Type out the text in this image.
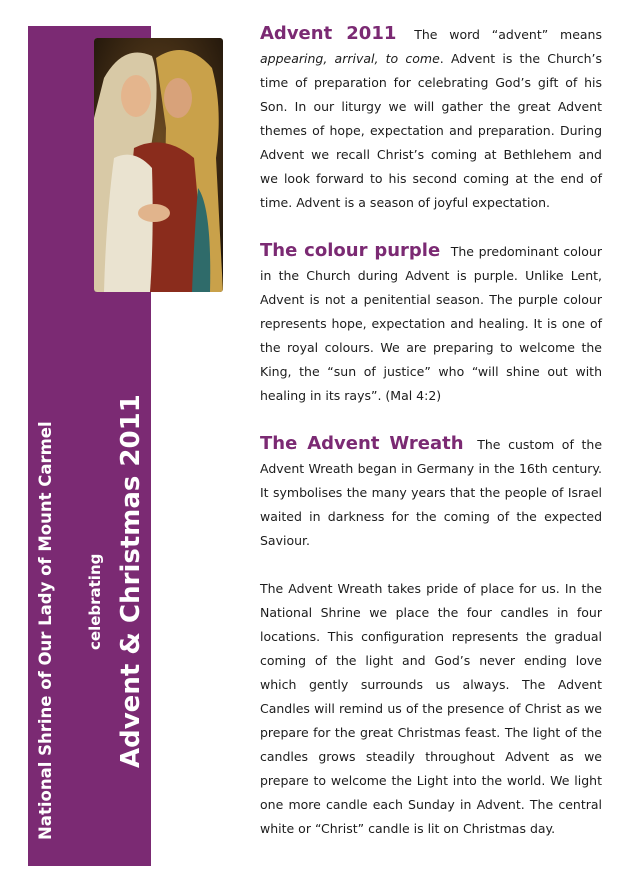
National Shrine of Our Lady of Mount Carmel celebrating Advent & Christmas 2011

Advent 2011 The word “advent” means appearing, arrival, to come. Advent is the Church’s time of preparation for celebrating God’s gift of his Son. In our liturgy we will gather the great Advent themes of hope, expectation and preparation. During Advent we recall Christ’s coming at Bethlehem and we look forward to his second coming at the end of time. Advent is a season of joyful expectation.

The colour purple The predominant colour in the Church during Advent is purple. Unlike Lent, Advent is not a penitential season. The purple colour represents hope, expectation and healing. It is one of the royal colours. We are preparing to welcome the King, the “sun of justice” who “will shine out with healing in its rays”. (Mal 4:2)

The Advent Wreath The custom of the Advent Wreath began in Germany in the 16th century. It symbolises the many years that the people of Israel waited in darkness for the coming of the expected Saviour.

The Advent Wreath takes pride of place for us. In the National Shrine we place the four candles in four locations. This configuration represents the gradual coming of the light and God’s never ending love which gently surrounds us always. The Advent Candles will remind us of the presence of Christ as we prepare for the great Christmas feast. The light of the candles grows steadily throughout Advent as we prepare to welcome the Light into the world. We light one more candle each Sunday in Advent. The central white or “Christ” candle is lit on Christmas day.
